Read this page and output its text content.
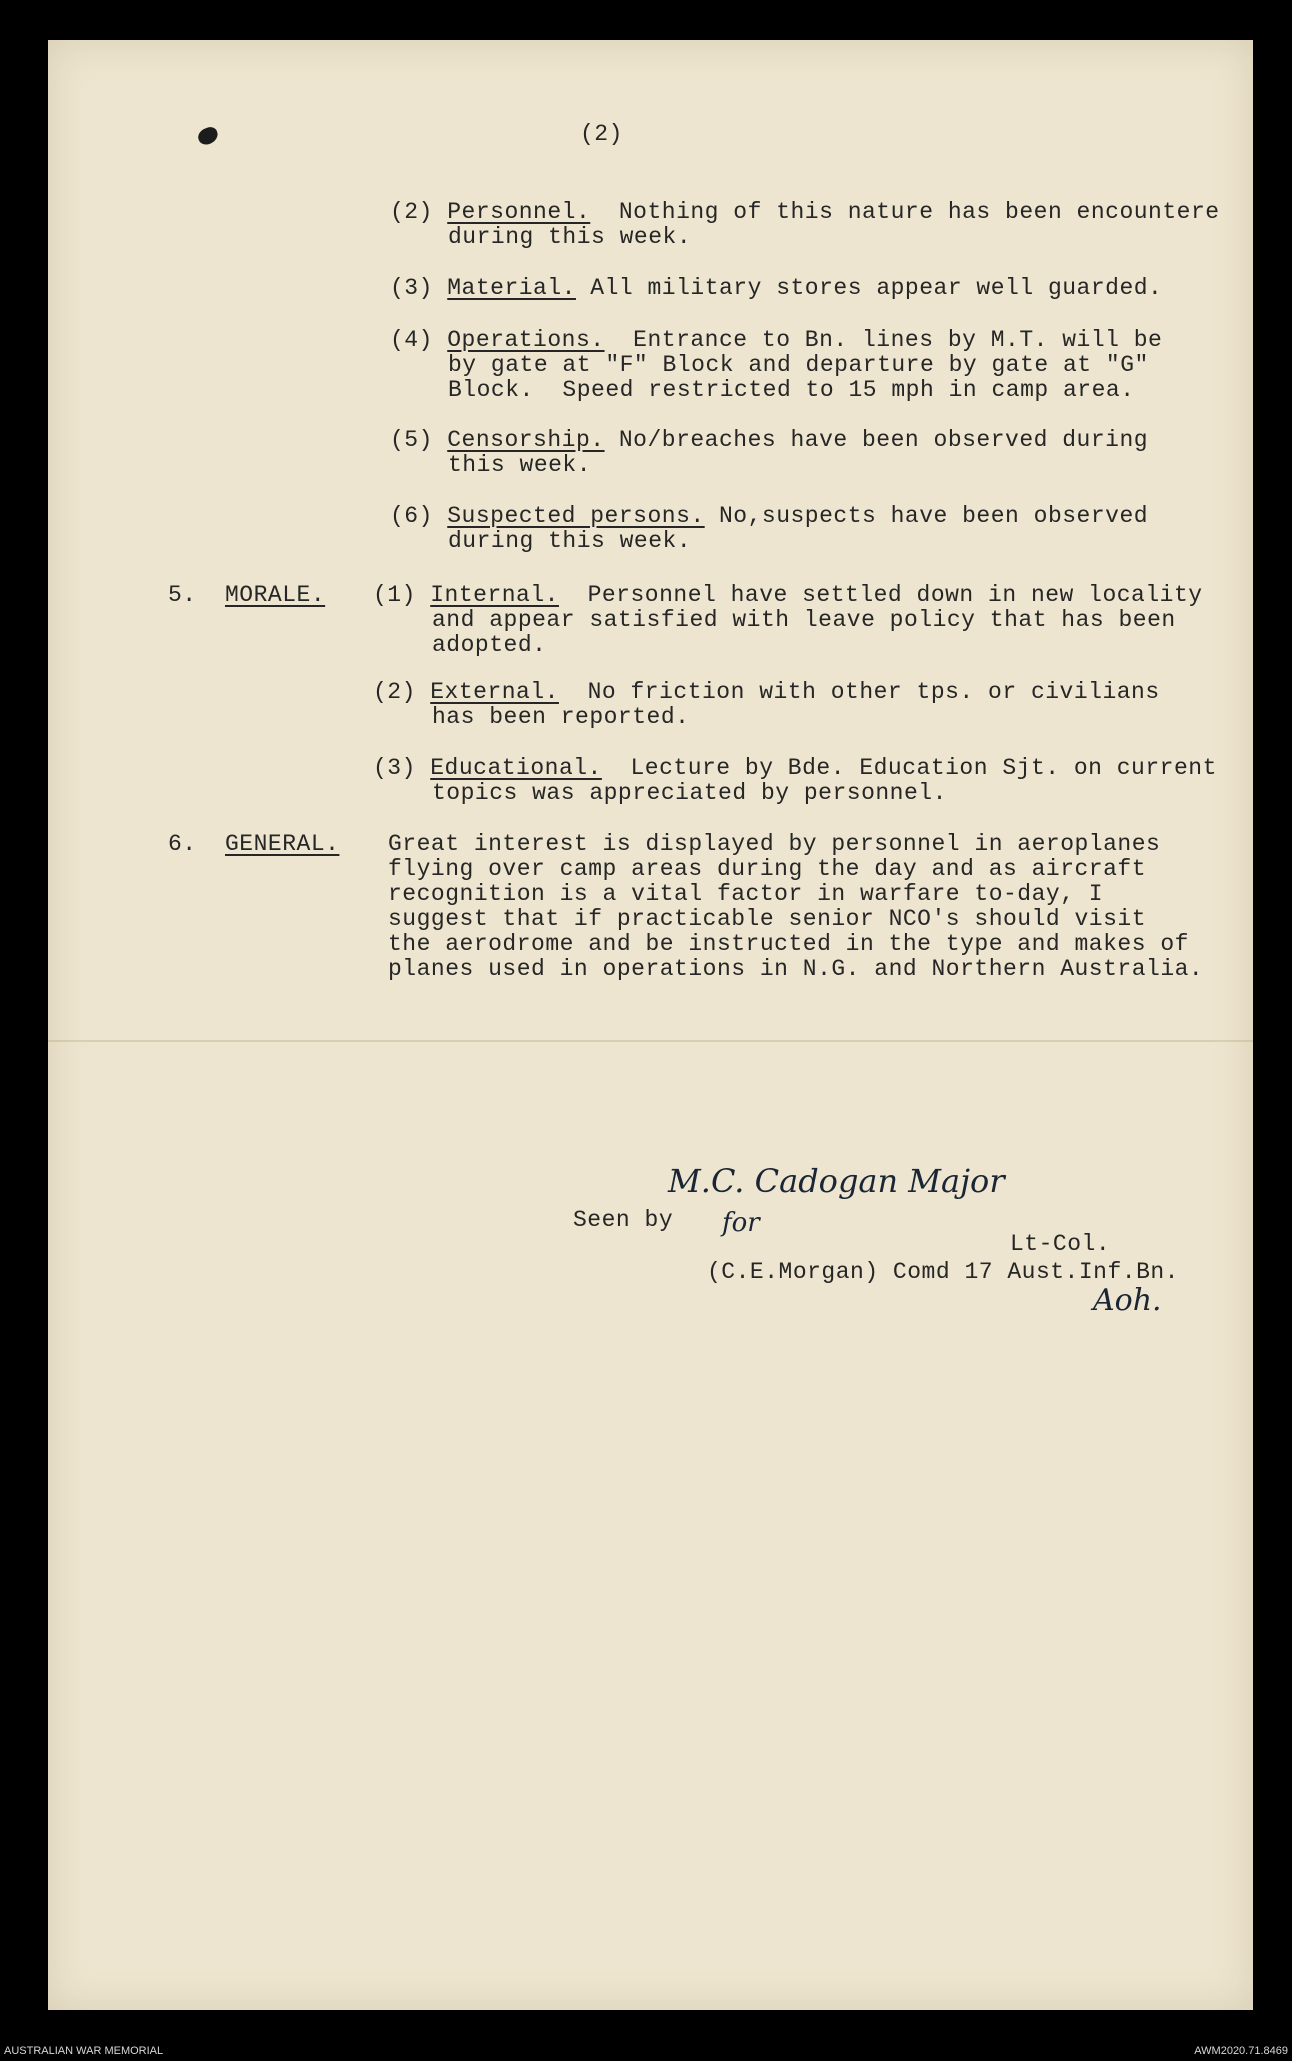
(2)
(2) Personnel.  Nothing of this nature has been encountere
during this week.
(3) Material. All military stores appear well guarded.
(4) Operations.  Entrance to Bn. lines by M.T. will be
by gate at "F" Block and departure by gate at "G"
Block.  Speed restricted to 15 mph in camp area.
(5) Censorship. No/breaches have been observed during
this week.
(6) Suspected persons. No,suspects have been observed
during this week.
5. MORALE. (1) Internal.  Personnel have settled down in new locality
and appear satisfied with leave policy that has been
adopted.
(2) External.  No friction with other tps. or civilians
has been reported.
(3) Educational.  Lecture by Bde. Education Sjt. on current
topics was appreciated by personnel.
6. GENERAL. Great interest is displayed by personnel in aeroplanes
flying over camp areas during the day and as aircraft
recognition is a vital factor in warfare to-day, I
suggest that if practicable senior NCO's should visit
the aerodrome and be instructed in the type and makes of
planes used in operations in N.G. and Northern Australia.
M.C. Cadogan Major
Seen by for
Lt-Col.
(C.E.Morgan) Comd 17 Aust.Inf.Bn.
Aoh.
AUSTRALIAN WAR MEMORIAL	AWM2020.71.8469
